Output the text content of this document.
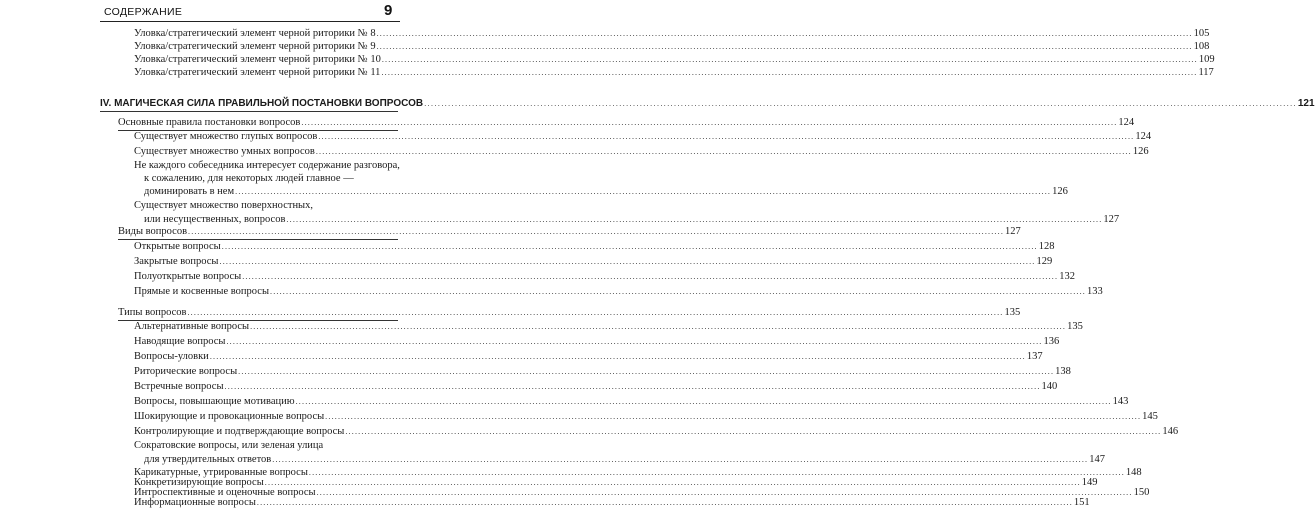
СОДЕРЖАНИЕ	9
Уловка/стратегический элемент черной риторики № 8 .....	105
Уловка/стратегический элемент черной риторики № 9 .....	108
Уловка/стратегический элемент черной риторики № 10 .....	109
Уловка/стратегический элемент черной риторики № 11 .....	117
IV. МАГИЧЕСКАЯ СИЛА ПРАВИЛЬНОЙ ПОСТАНОВКИ ВОПРОСОВ .....	121
Основные правила постановки вопросов .....	124
Существует множество глупых вопросов .....	124
Существует множество умных вопросов .....	126
Не каждого собеседника интересует содержание разговора,
к сожалению, для некоторых людей главное —
доминировать в нем .....	126
Существует множество поверхностных,
или несущественных, вопросов .....	127
Виды вопросов .....	127
Открытые вопросы .....	128
Закрытые вопросы .....	129
Полуоткрытые вопросы .....	132
Прямые и косвенные вопросы .....	133
Типы вопросов .....	135
Альтернативные вопросы .....	135
Наводящие вопросы .....	136
Вопросы-уловки .....	137
Риторические вопросы .....	138
Встречные вопросы .....	140
Вопросы, повышающие мотивацию .....	143
Шокирующие и провокационные вопросы .....	145
Контролирующие и подтверждающие вопросы .....	146
Сократовские вопросы, или зеленая улица
для утвердительных ответов .....	147
Карикатурные, утрированные вопросы .....	148
Конкретизирующие вопросы .....	149
Интроспективные и оценочные вопросы .....	150
Информационные вопросы .....	151
.....
